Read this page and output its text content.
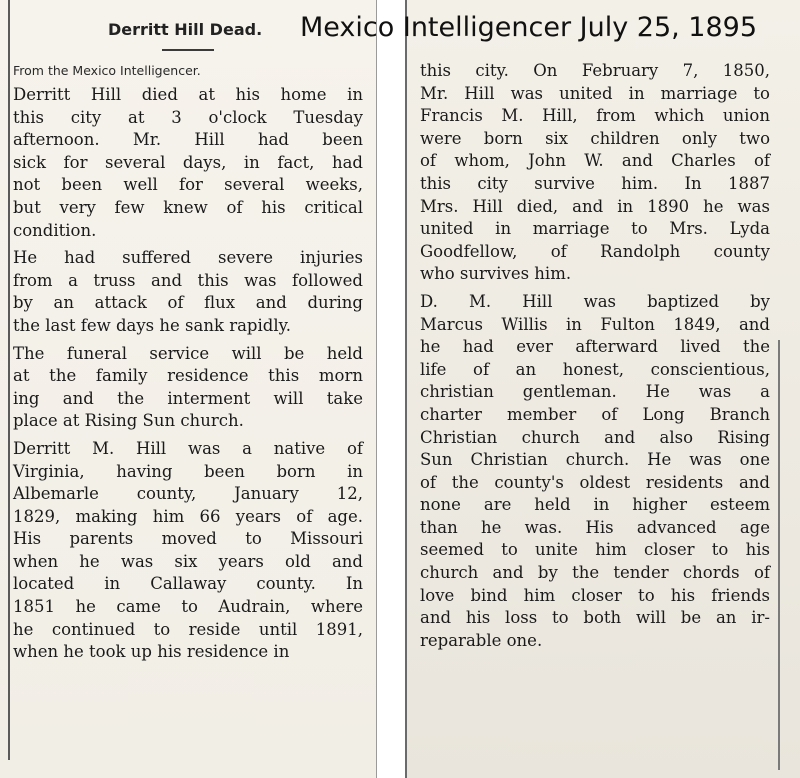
Mexico Intelligencer July 25, 1895
Derritt Hill Dead.
From the Mexico Intelligencer.
Derritt Hill died at his home in
this city at 3 o'clock Tuesday
afternoon. Mr. Hill had been
sick for several days, in fact, had
not been well for several weeks,
but very few knew of his critical
condition.
He had suffered severe injuries
from a truss and this was followed
by an attack of flux and during
the last few days he sank rapidly.
The funeral service will be held
at the family residence this morn
ing and the interment will take
place at Rising Sun church.
Derritt M. Hill was a native of
Virginia, having been born in
Albemarle county, January 12,
1829, making him 66 years of age.
His parents moved to Missouri
when he was six years old and
located in Callaway county. In
1851 he came to Audrain, where
he continued to reside until 1891,
when he took up his residence in
this city. On February 7, 1850,
Mr. Hill was united in marriage to
Francis M. Hill, from which union
were born six children only two
of whom, John W. and Charles of
this city survive him. In 1887
Mrs. Hill died, and in 1890 he was
united in marriage to Mrs. Lyda
Goodfellow, of Randolph county
who survives him.
D. M. Hill was baptized by
Marcus Willis in Fulton 1849, and
he had ever afterward lived the
life of an honest, conscientious,
christian gentleman. He was a
charter member of Long Branch
Christian church and also Rising
Sun Christian church. He was one
of the county's oldest residents and
none are held in higher esteem
than he was. His advanced age
seemed to unite him closer to his
church and by the tender chords of
love bind him closer to his friends
and his loss to both will be an ir-
reparable one.
